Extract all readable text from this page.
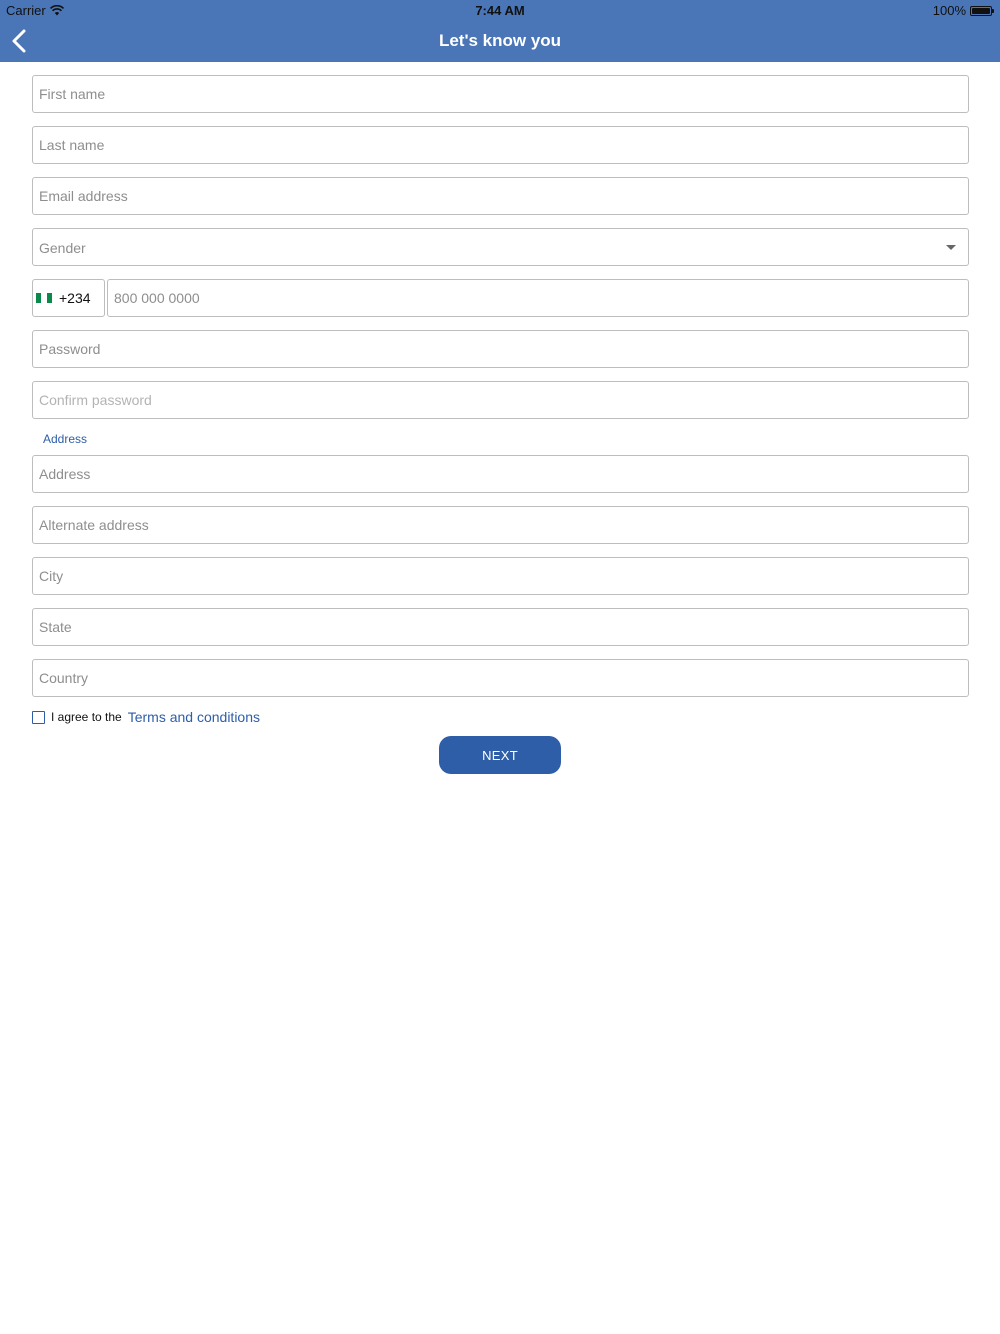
Carrier	7:44 AM	100%
Let's know you
First name
Last name
Email address
Gender
+234
800 000 0000
Address
Address
Alternate address
City
State
Country
I agree to the Terms and conditions
NEXT
